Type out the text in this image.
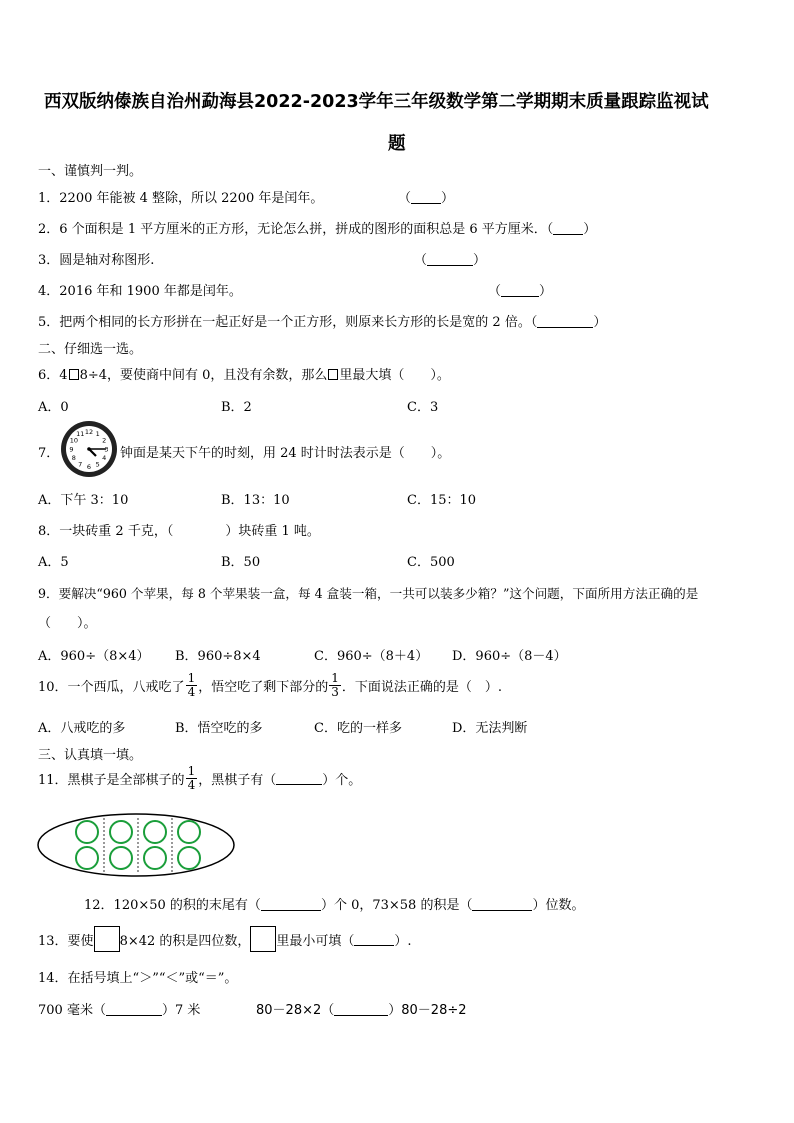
西双版纳傣族自治州勐海县2022-2023学年三年级数学第二学期期末质量跟踪监视试
题
一、谨慎判一判。
1．2200 年能被 4 整除，所以 2200 年是闰年。	（ ）
2．6 个面积是 1 平方厘米的正方形，无论怎么拼，拼成的图形的面积总是 6 平方厘米．（ ）
3．圆是轴对称图形.	（	）
4．2016 年和 1900 年都是闰年。	（	）
5．把两个相同的长方形拼在一起正好是一个正方形，则原来长方形的长是宽的 2 倍。（	）
二、仔细选一选。
6．4 8÷4，要使商中间有 0，且没有余数，那么 里最大填（　　）。
A．0	B．2	C．3
7．
12 1
2
3
4
5
6
7
8
9
10
11
钟面是某天下午的时刻，用 24 时计时法表示是（　　）。
A．下午 3：10	B．13：10	C．15：10
8．一块砖重 2 千克，（　　　　）块砖重 1 吨。
A．5	B．50	C．500
9．要解决“960 个苹果，每 8 个苹果装一盒，每 4 盒装一箱，一共可以装多少箱？”这个问题，下面所用方法正确的是
（　　）。
A．960÷（8×4） B．960÷8×4	C．960÷（8＋4） D．960÷（8－4）
10． 一个西瓜，八戒吃了 $\frac{1}{4}$ ，悟空吃了剩下部分的 $\frac{1}{3}$ ．下面说法正确的是（　）.
A．八戒吃的多	B．悟空吃的多	C．吃的一样多	D．无法判断
三、认真填一填。
11． 黑棋子是全部棋子的 $\frac{1}{4}$ ，黑棋子有（	）个。
12．120×50 的积的末尾有（	）个 0，73×58 的积是（	）位数。
13． 要使 8×42 的积是四位数， 里最小可填（	）.
14．在括号填上“＞”“＜”或“＝”。
700 毫米（	）7 米	80－28×2（	）80－28÷2
